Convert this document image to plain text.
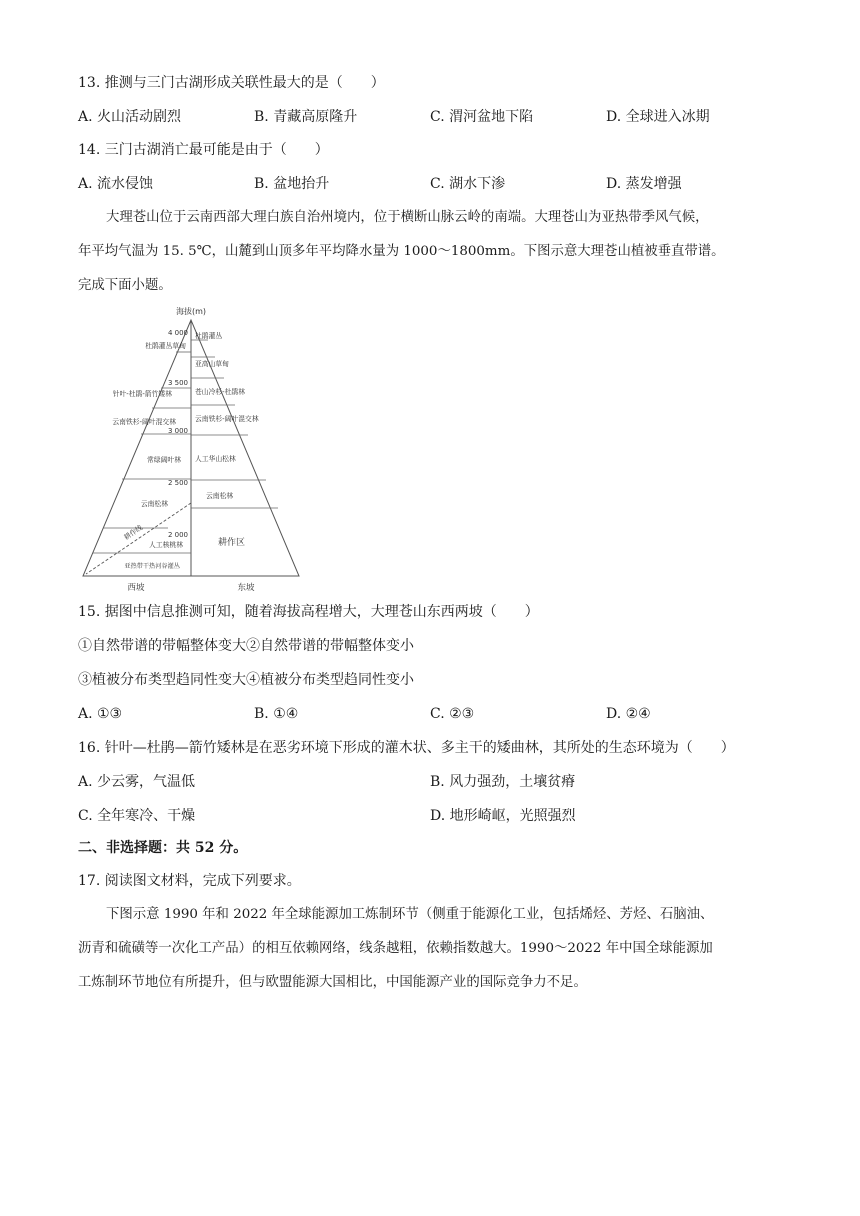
13. 推测与三门古湖形成关联性最大的是（　　）
A. 火山活动剧烈	B. 青藏高原隆升	C. 渭河盆地下陷	D. 全球进入冰期
14. 三门古湖消亡最可能是由于（　　）
A. 流水侵蚀	B. 盆地抬升	C. 湖水下渗	D. 蒸发增强
大理苍山位于云南西部大理白族自治州境内，位于横断山脉云岭的南端。大理苍山为亚热带季风气候，
年平均气温为 15. 5℃，山麓到山顶多年平均降水量为 1000～1800mm。下图示意大理苍山植被垂直带谱。
完成下面小题。
海拔(m)
4 000
3 500
3 000
2 500
2 000
杜鹃灌丛
亚高山草甸
苍山冷杉-杜鹃林
云南铁杉-阔叶混交林
人工华山松林
云南松林
耕作区
杜鹃灌丛草甸
针叶-杜鹃-箭竹矮林
云南铁杉-阔叶混交林
常绿阔叶林
云南松林
人工核桃林
亚热带干热河谷灌丛
耕作线
西坡	东坡
15. 据图中信息推测可知，随着海拔高程增大，大理苍山东西两坡（　　）
①自然带谱的带幅整体变大②自然带谱的带幅整体变小
③植被分布类型趋同性变大④植被分布类型趋同性变小
A. ①③	B. ①④	C. ②③	D. ②④
16. 针叶—杜鹃—箭竹矮林是在恶劣环境下形成的灌木状、多主干的矮曲林，其所处的生态环境为（　　）
A. 少云雾，气温低	B. 风力强劲，土壤贫瘠
C. 全年寒冷、干燥	D. 地形崎岖，光照强烈
二、非选择题：共 52 分。
17. 阅读图文材料，完成下列要求。
下图示意 1990 年和 2022 年全球能源加工炼制环节（侧重于能源化工业，包括烯烃、芳烃、石脑油、
沥青和硫磺等一次化工产品）的相互依赖网络，线条越粗，依赖指数越大。1990～2022 年中国全球能源加
工炼制环节地位有所提升，但与欧盟能源大国相比，中国能源产业的国际竞争力不足。
